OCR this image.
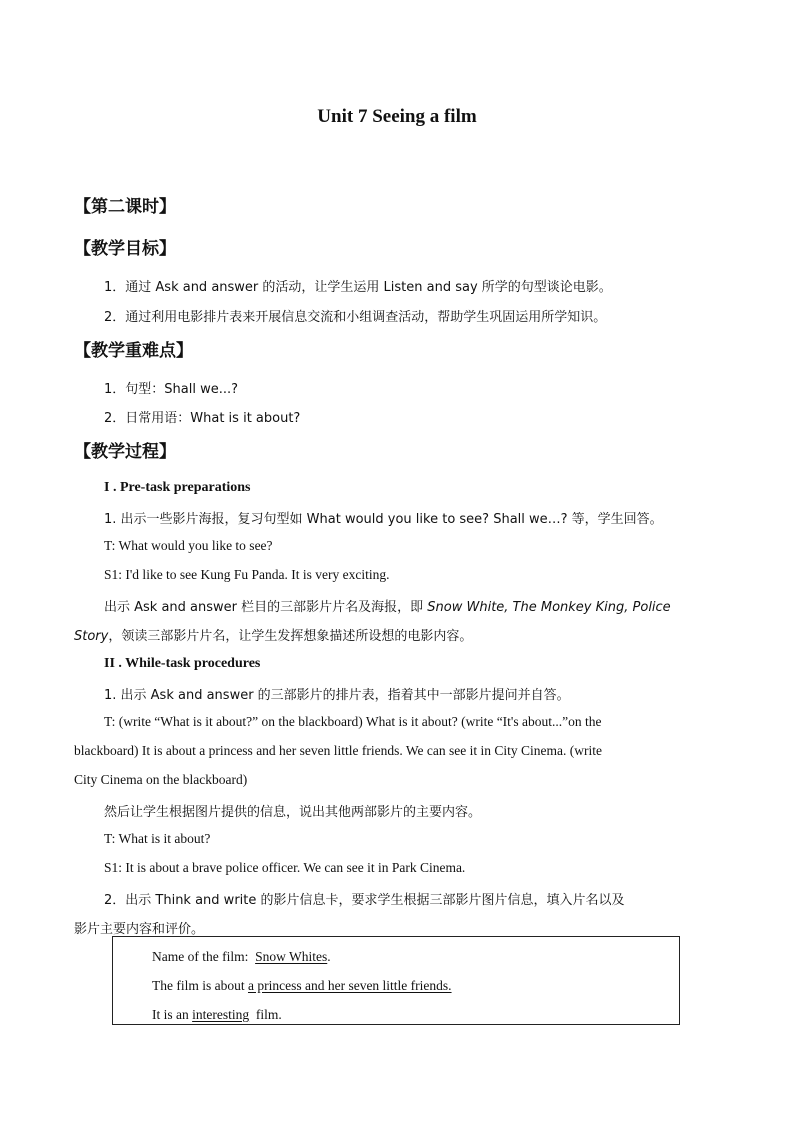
Unit 7 Seeing a film
【第二课时】
【教学目标】
1．通过 Ask and answer 的活动，让学生运用 Listen and say 所学的句型谈论电影。
2．通过利用电影排片表来开展信息交流和小组调查活动，帮助学生巩固运用所学知识。
【教学重难点】
1．句型：Shall we...?
2．日常用语：What is it about?
【教学过程】
I . Pre-task preparations
1. 出示一些影片海报，复习句型如 What would you like to see? Shall we…? 等，学生回答。
T: What would you like to see?
S1: I'd like to see Kung Fu Panda. It is very exciting.
出示 Ask and answer 栏目的三部影片片名及海报，即 Snow White, The Monkey King, Police
Story，领读三部影片片名，让学生发挥想象描述所设想的电影内容。
II . While-task procedures
1. 出示 Ask and answer 的三部影片的排片表，指着其中一部影片提问并自答。
T: (write “What is it about?” on the blackboard) What is it about? (write “It's about...”on the
blackboard) It is about a princess and her seven little friends. We can see it in City Cinema. (write
City Cinema on the blackboard)
然后让学生根据图片提供的信息，说出其他两部影片的主要内容。
T: What is it about?
S1: It is about a brave police officer. We can see it in Park Cinema.
2．出示 Think and write 的影片信息卡，要求学生根据三部影片图片信息，填入片名以及
影片主要内容和评价。
Name of the film: Snow Whites.
The film is about a princess and her seven little friends.
It is an interesting film.
